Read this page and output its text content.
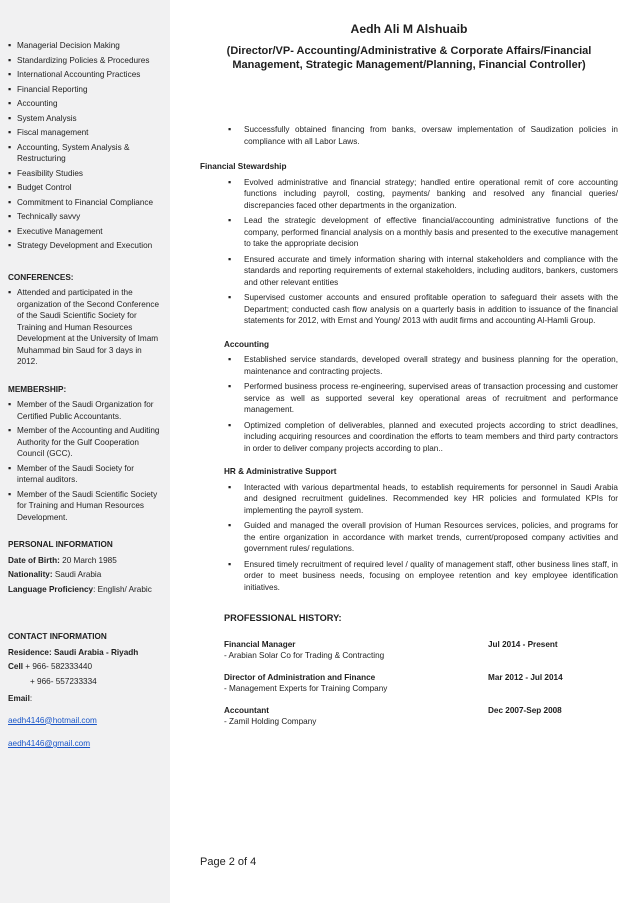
▪ Managerial Decision Making
▪ Standardizing Policies & Procedures
▪ International Accounting Practices
▪ Financial Reporting
▪ Accounting
▪ System Analysis
▪ Fiscal management
▪ Accounting, System Analysis & Restructuring
▪ Feasibility Studies
▪ Budget Control
▪ Commitment to Financial Compliance
▪ Technically savvy
▪ Executive Management
▪ Strategy Development and Execution
CONFERENCES:
▪ Attended and participated in the organization of the Second Conference of the Saudi Scientific Society for Training and Human Resources Development at the University of Imam Muhammad bin Saud for 3 days in 2012.
MEMBERSHIP:
▪ Member of the Saudi Organization for Certified Public Accountants.
▪ Member of the Accounting and Auditing Authority for the Gulf Cooperation Council (GCC).
▪ Member of the Saudi Society for internal auditors.
▪ Member of the Saudi Scientific Society for Training and Human Resources Development.
PERSONAL INFORMATION
Date of Birth: 20 March 1985
Nationality: Saudi Arabia
Language Proficiency: English/ Arabic
CONTACT INFORMATION
Residence: Saudi Arabia - Riyadh
Cell + 966- 582333440
+ 966- 557233334
Email:
aedh4146@hotmail.com
aedh4146@gmail.com
Aedh Ali M Alshuaib
(Director/VP- Accounting/Administrative & Corporate Affairs/Financial Management, Strategic Management/Planning, Financial Controller)
▪ Successfully obtained financing from banks, oversaw implementation of Saudization policies in compliance with all Labor Laws.
Financial Stewardship
▪ Evolved administrative and financial strategy; handled entire operational remit of core accounting functions including payroll, costing, payments/ banking and resolved any financial queries/ discrepancies faced other departments in the organization.
▪ Lead the strategic development of effective financial/accounting administrative functions of the company, performed financial analysis on a monthly basis and presented to the executive management to take the appropriate decision
▪ Ensured accurate and timely information sharing with internal stakeholders and compliance with the standards and reporting requirements of external stakeholders, including auditors, bankers, customers and other relevant entities
▪ Supervised customer accounts and ensured profitable operation to safeguard their assets with the Department; conducted cash flow analysis on a quarterly basis in addition to issuance of the financial statements for 2012, with Ernst and Young/ 2013 with audit firms and accounting Al-Hamli Group.
Accounting
▪ Established service standards, developed overall strategy and business planning for the operation, maintenance and contracting projects.
▪ Performed business process re-engineering, supervised areas of transaction processing and customer service as well as supported several key operational areas of recruitment and performance management.
▪ Optimized completion of deliverables, planned and executed projects according to strict deadlines, including acquiring resources and coordination the efforts to team members and third party contractors in order to deliver company projects according to plan..
HR & Administrative Support
▪ Interacted with various departmental heads, to establish requirements for personnel in Saudi Arabia and designed recruitment guidelines. Recommended key HR policies and formulated KPIs for implementing the payroll system.
▪ Guided and managed the overall provision of Human Resources services, policies, and programs for the entire organization in accordance with market trends, current/proposed company activities and government rules/ regulations.
▪ Ensured timely recruitment of required level / quality of management staff, other business lines staff, in order to meet business needs, focusing on employee retention and key employee identification initiatives.
PROFESSIONAL HISTORY:
Financial Manager	Jul 2014 - Present
- Arabian Solar Co for Trading & Contracting
Director of Administration and Finance	Mar 2012 - Jul 2014
- Management Experts for Training Company
Accountant	Dec 2007-Sep 2008
- Zamil Holding Company
Page 2 of 4
